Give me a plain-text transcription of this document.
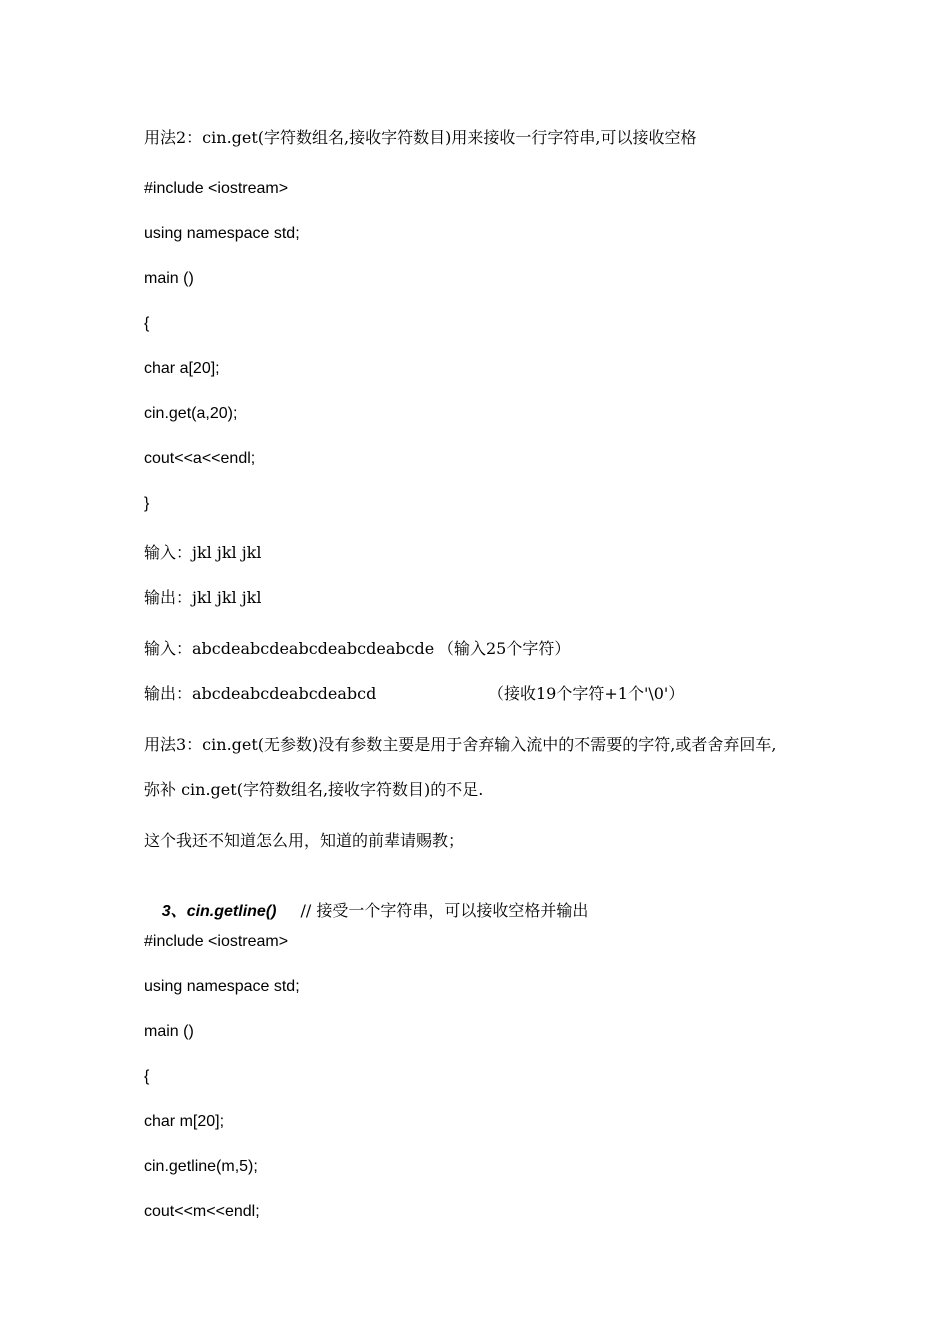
用法2：cin.get(字符数组名,接收字符数目)用来接收一行字符串,可以接收空格
#include <iostream>
using namespace std;
main ()
{
char a[20];
cin.get(a,20);
cout<<a<<endl;
}
输入：jkl jkl jkl
输出：jkl jkl jkl
输入：abcdeabcdeabcdeabcdeabcde （输入25个字符）
输出：abcdeabcdeabcdeabcd	（接收19个字符+1个'\0'）
用法3：cin.get(无参数)没有参数主要是用于舍弃输入流中的不需要的字符,或者舍弃回车,
弥补 cin.get(字符数组名,接收字符数目)的不足.
这个我还不知道怎么用，知道的前辈请赐教；

3、cin.getline() // 接受一个字符串，可以接收空格并输出

#include <iostream>
using namespace std;
main ()
{
char m[20];
cin.getline(m,5);
cout<<m<<endl;
